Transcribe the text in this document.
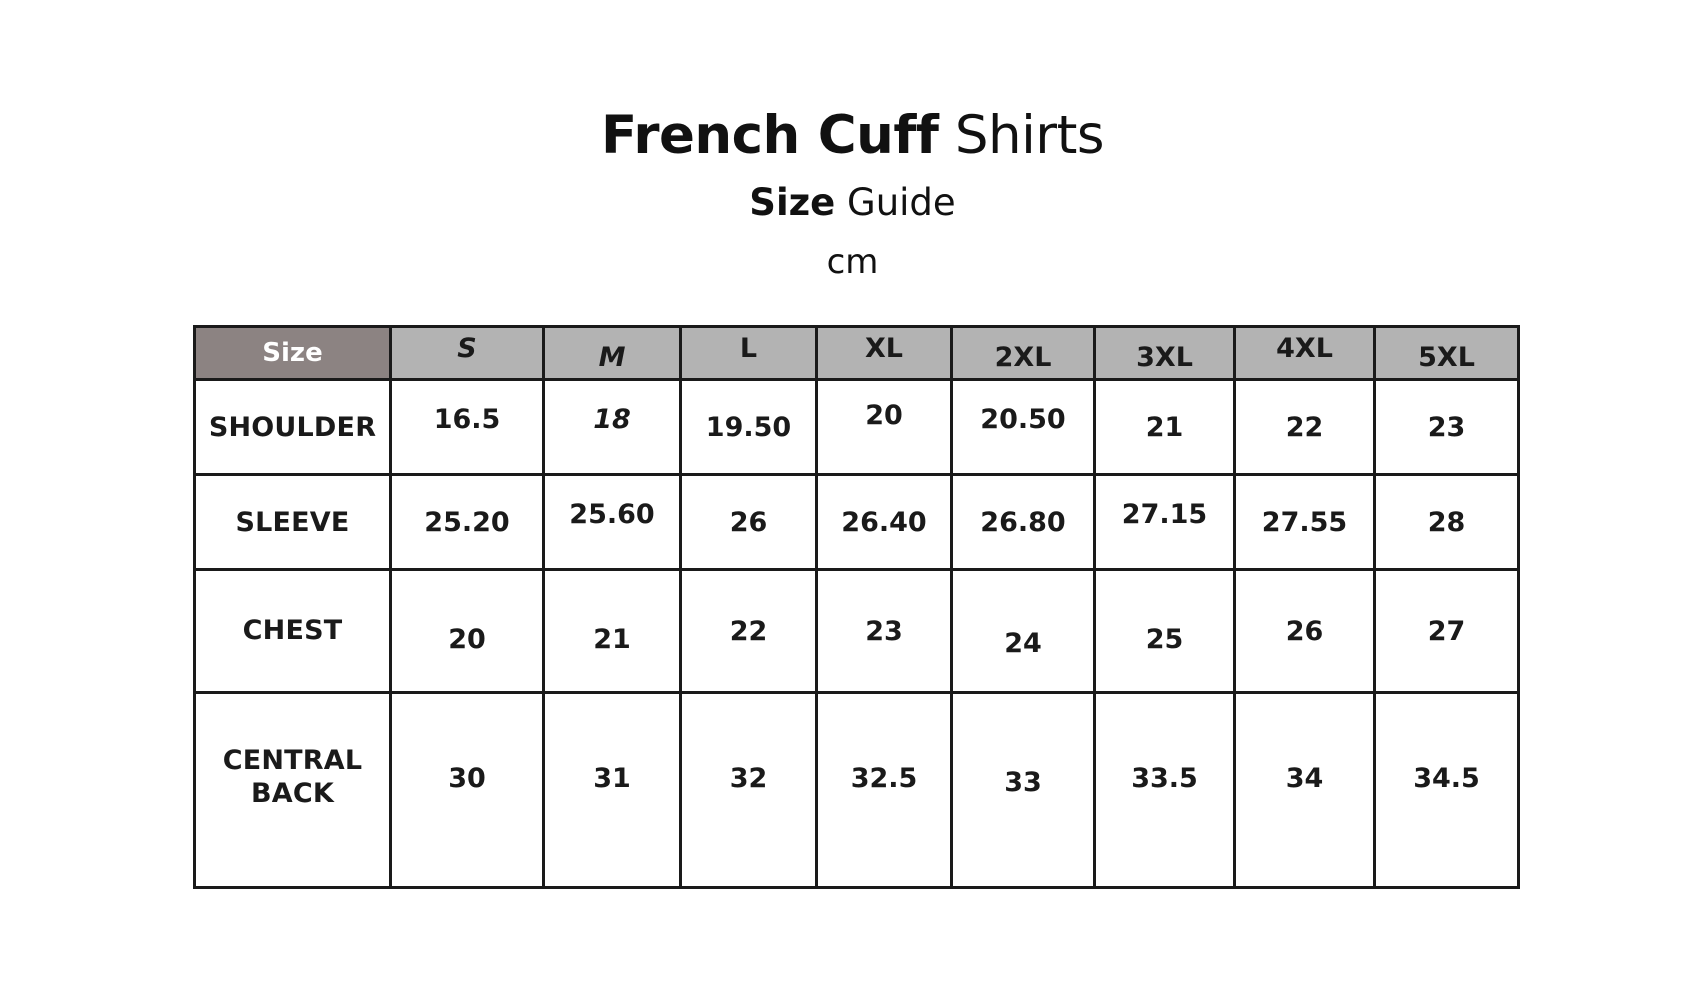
French Cuff Shirts
Size Guide
cm
Size	S	M	L	XL	2XL	3XL	4XL	5XL
SHOULDER	16.5	18	19.50	20	20.50	21	22	23
SLEEVE	25.20	25.60	26	26.40	26.80	27.15	27.55	28
CHEST	20	21	22	23	24	25	26	27
CENTRAL
BACK	30	31	32	32.5	33	33.5	34	34.5
